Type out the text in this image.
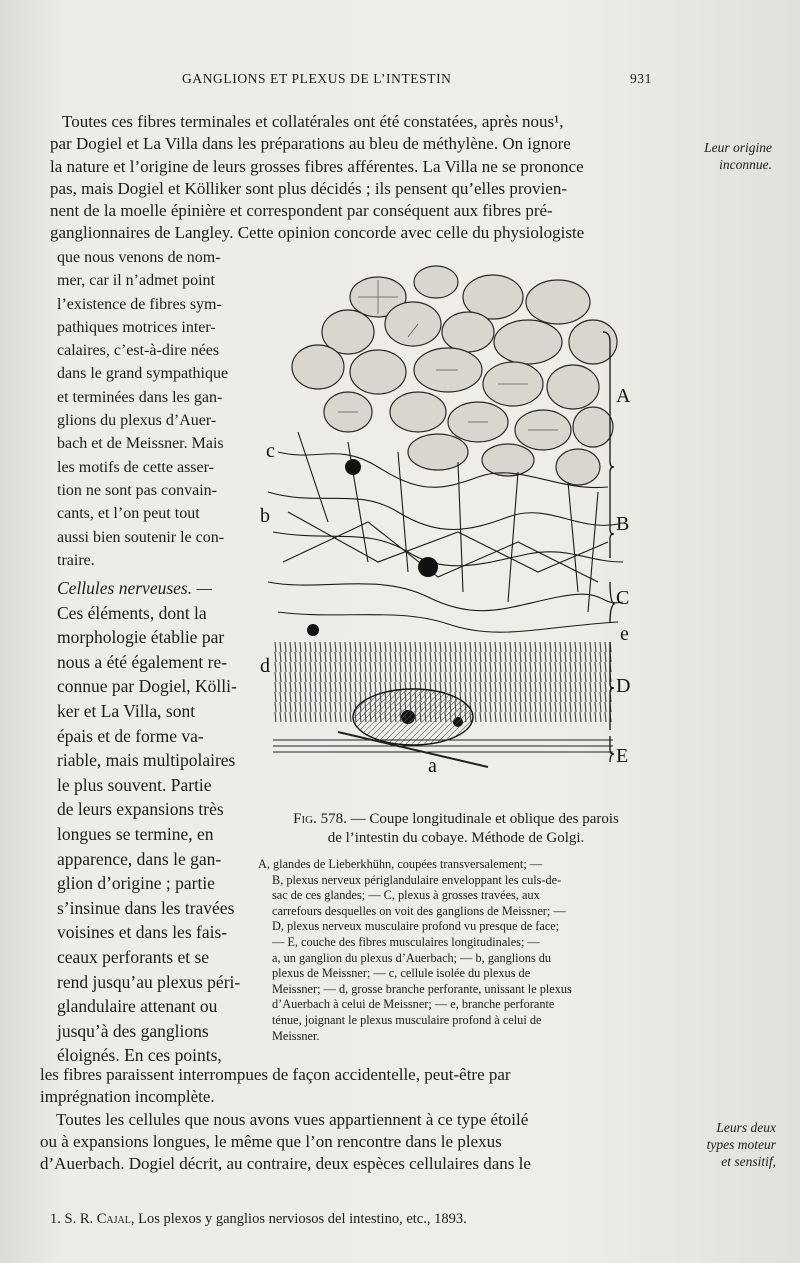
GANGLIONS ET PLEXUS DE L’INTESTIN	931
Leur origine
inconnue.
Toutes ces fibres terminales et collatérales ont été constatées, après nous¹,
par Dogiel et La Villa dans les préparations au bleu de méthylène. On ignore
la nature et l’origine de leurs grosses fibres afférentes. La Villa ne se prononce
pas, mais Dogiel et Kölliker sont plus décidés ; ils pensent qu’elles provien-
nent de la moelle épinière et correspondent par conséquent aux fibres pré-
ganglionnaires de Langley. Cette opinion concorde avec celle du physiologiste
que nous venons de nom-
mer, car il n’admet point
l’existence de fibres sym-
pathiques motrices inter-
calaires, c’est-à-dire nées
dans le grand sympathique
et terminées dans les gan-
glions du plexus d’Auer-
bach et de Meissner. Mais
les motifs de cette asser-
tion ne sont pas convain-
cants, et l’on peut tout
aussi bien soutenir le con-
traire.
Cellules nerveuses. —
Ces éléments, dont la
morphologie établie par
nous a été également re-
connue par Dogiel, Kölli-
ker et La Villa, sont
épais et de forme va-
riable, mais multipolaires
le plus souvent. Partie
de leurs expansions très
longues se termine, en
apparence, dans le gan-
glion d’origine ; partie
s’insinue dans les travées
voisines et dans les fais-
ceaux perforants et se
rend jusqu’au plexus péri-
glandulaire attenant ou
jusqu’à des ganglions
éloignés. En ces points,
A
B
C
e
D
E
b
c
d
a
Fig. 578. — Coupe longitudinale et oblique des parois
de l’intestin du cobaye. Méthode de Golgi.
A, glandes de Lieberkhühn, coupées transversalement; —
B, plexus nerveux périglandulaire enveloppant les culs-de-
sac de ces glandes; — C, plexus à grosses travées, aux
carrefours desquelles on voit des ganglions de Meissner; —
D, plexus nerveux musculaire profond vu presque de face;
— E, couche des fibres musculaires longitudinales; —
a, un ganglion du plexus d’Auerbach; — b, ganglions du
plexus de Meissner; — c, cellule isolée du plexus de
Meissner; — d, grosse branche perforante, unissant le plexus
d’Auerbach à celui de Meissner; — e, branche perforante
ténue, joignant le plexus musculaire profond à celui de
Meissner.
les fibres paraissent interrompues de façon accidentelle, peut-être par
imprégnation incomplète.
Toutes les cellules que nous avons vues appartiennent à ce type étoilé
ou à expansions longues, le même que l’on rencontre dans le plexus
d’Auerbach. Dogiel décrit, au contraire, deux espèces cellulaires dans le
Leurs deux
types moteur
et sensitif,
1. S. R. Cajal, Los plexos y ganglios nerviosos del intestino, etc., 1893.
